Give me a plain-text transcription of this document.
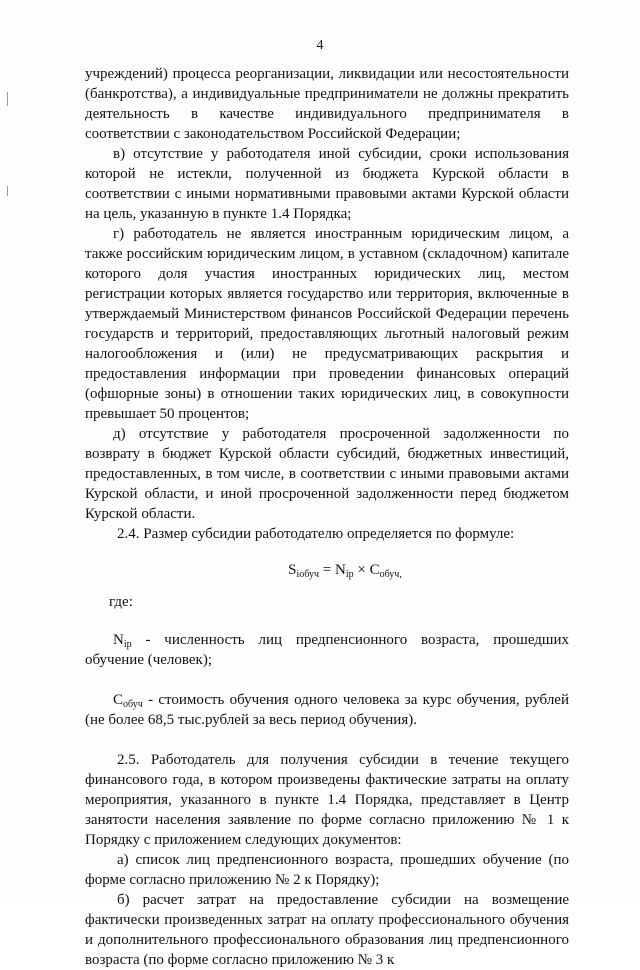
4

учреждений) процесса реорганизации, ликвидации или несостоятельности (банкротства), а индивидуальные предприниматели не должны прекратить деятельность в качестве индивидуального предпринимателя в соответствии с законодательством Российской Федерации;

в) отсутствие у работодателя иной субсидии, сроки использования которой не истекли, полученной из бюджета Курской области в соответствии с иными нормативными правовыми актами Курской области на цель, указанную в пункте 1.4 Порядка;

г) работодатель не является иностранным юридическим лицом, а также российским юридическим лицом, в уставном (складочном) капитале которого доля участия иностранных юридических лиц, местом регистрации которых является государство или территория, включенные в утверждаемый Министерством финансов Российской Федерации перечень государств и территорий, предоставляющих льготный налоговый режим налогообложения и (или) не предусматривающих раскрытия и предоставления информации при проведении финансовых операций (офшорные зоны) в отношении таких юридических лиц, в совокупности превышает 50 процентов;

д) отсутствие у работодателя просроченной задолженности по возврату в бюджет Курской области субсидий, бюджетных инвестиций, предоставленных, в том числе, в соответствии с иными правовыми актами Курской области, и иной просроченной задолженности перед бюджетом Курской области.

2.4. Размер субсидии работодателю определяется по формуле:

$S_{iобуч} = N_{ip} \times C_{обуч,}$

где:

$N_{ip}$ - численность лиц предпенсионного возраста, прошедших обучение (человек);

$C_{обуч}$ - стоимость обучения одного человека за курс обучения, рублей (не более 68,5 тыс.рублей за весь период обучения).

2.5. Работодатель для получения субсидии в течение текущего финансового года, в котором произведены фактические затраты на оплату мероприятия, указанного в пункте 1.4 Порядка, представляет в Центр занятости населения заявление по форме согласно приложению № 1 к Порядку с приложением следующих документов:

а) список лиц предпенсионного возраста, прошедших обучение (по форме согласно приложению № 2 к Порядку);

б) расчет затрат на предоставление субсидии на возмещение фактически произведенных затрат на оплату профессионального обучения и дополнительного профессионального образования лиц предпенсионного возраста (по форме согласно приложению № 3 к
